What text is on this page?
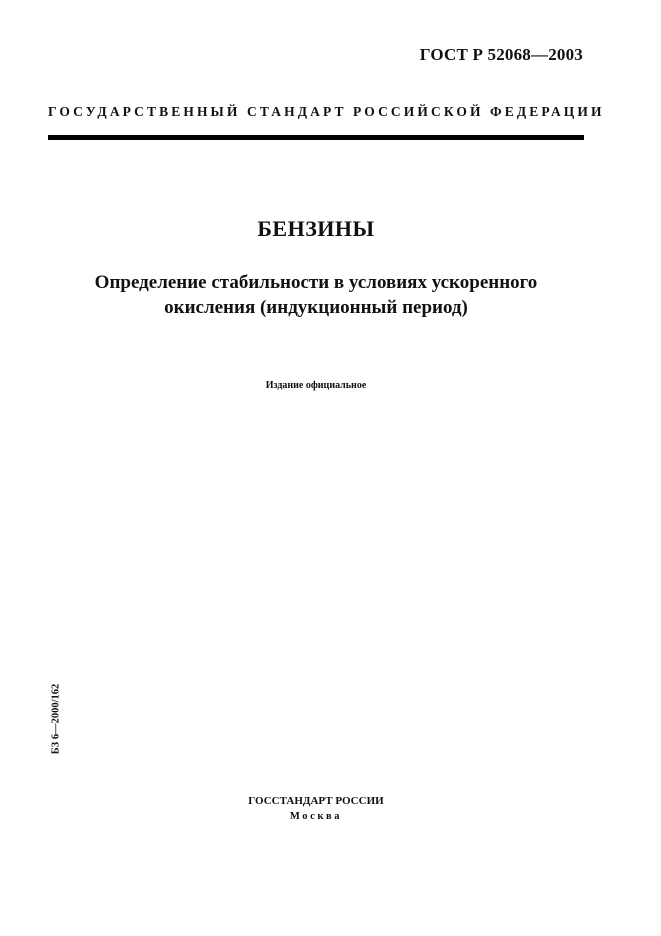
ГОСТ Р 52068—2003
ГОСУДАРСТВЕННЫЙ СТАНДАРТ РОССИЙСКОЙ ФЕДЕРАЦИИ
БЕНЗИНЫ
Определение стабильности в условиях ускоренного
окисления (индукционный период)
Издание официальное
БЗ 6—2000/162
ГОССТАНДАРТ РОССИИ
Москва
